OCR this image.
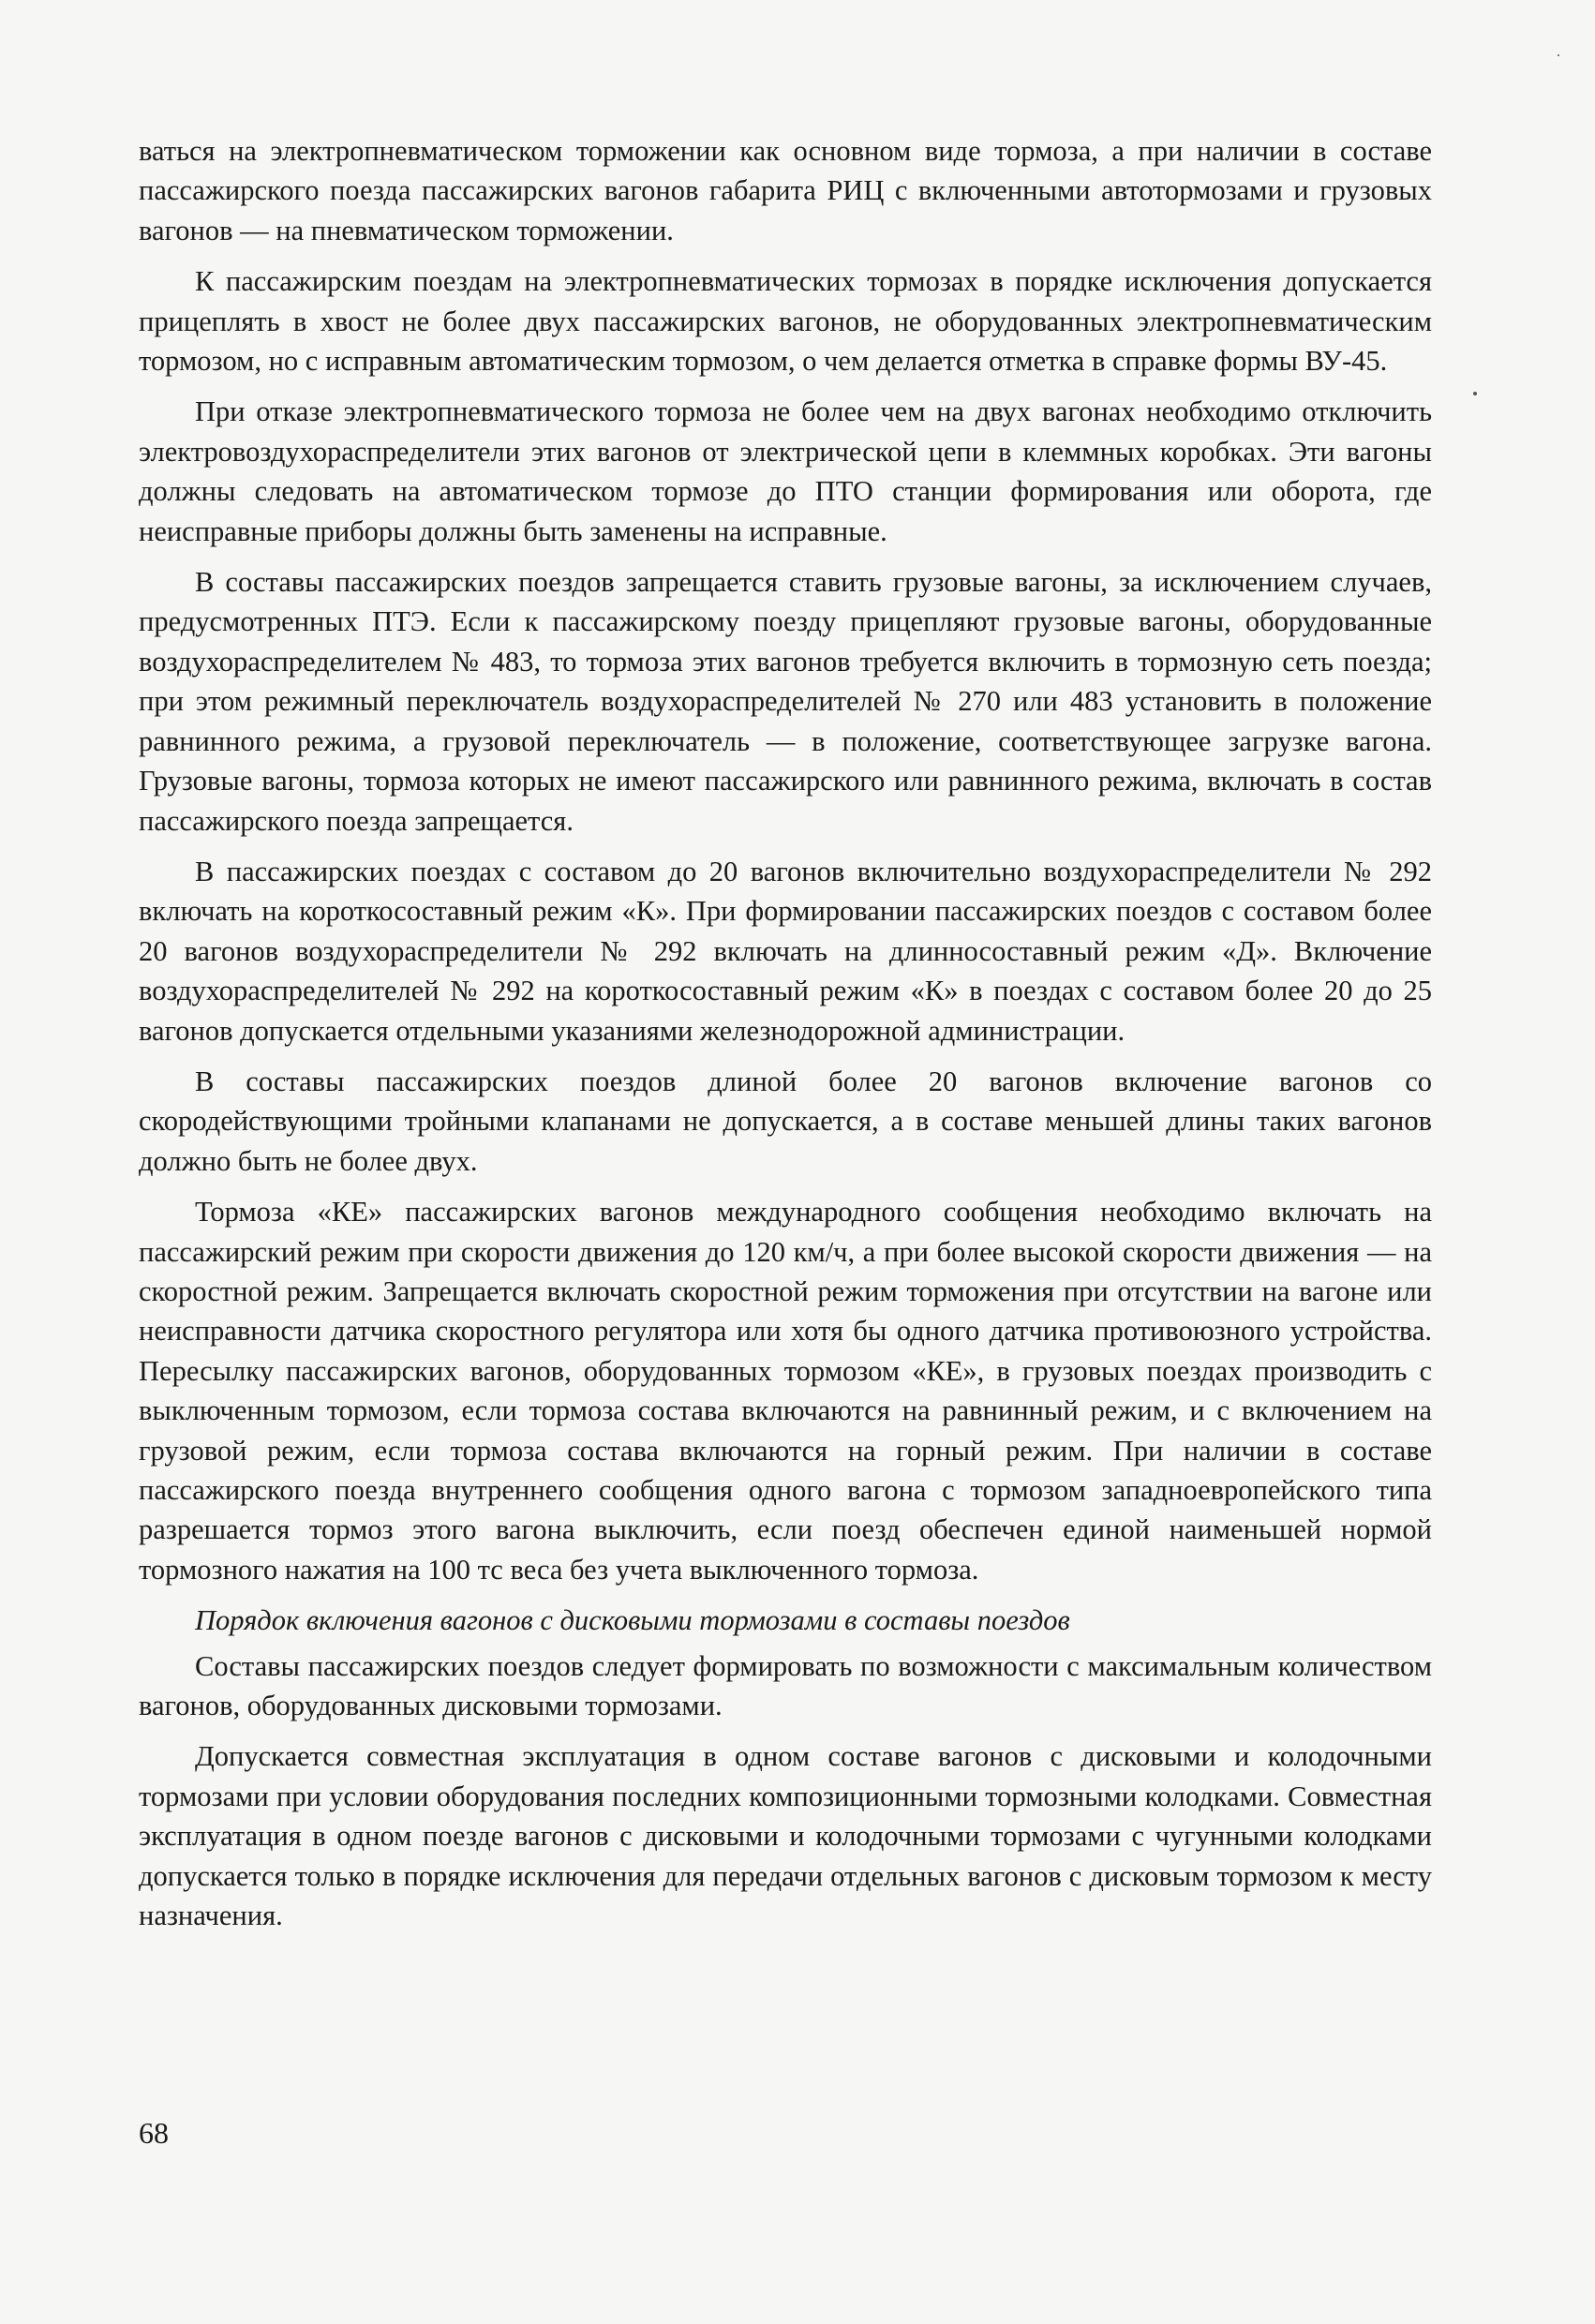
ваться на электропневматическом торможении как основном виде тормоза, а при наличии в составе пассажирского поезда пассажирских вагонов габарита РИЦ с включенными автотормозами и грузовых вагонов — на пневматическом торможении.

К пассажирским поездам на электропневматических тормозах в порядке исключения допускается прицеплять в хвост не более двух пассажирских вагонов, не оборудованных электропневматическим тормозом, но с исправным автоматическим тормозом, о чем делается отметка в справке формы ВУ-45.

При отказе электропневматического тормоза не более чем на двух вагонах необходимо отключить электровоздухораспределители этих вагонов от электрической цепи в клеммных коробках. Эти вагоны должны следовать на автоматическом тормозе до ПТО станции формирования или оборота, где неисправные приборы должны быть заменены на исправные.

В составы пассажирских поездов запрещается ставить грузовые вагоны, за исключением случаев, предусмотренных ПТЭ. Если к пассажирскому поезду прицепляют грузовые вагоны, оборудованные воздухораспределителем № 483, то тормоза этих вагонов требуется включить в тормозную сеть поезда; при этом режимный переключатель воздухораспределителей № 270 или 483 установить в положение равнинного режима, а грузовой переключатель — в положение, соответствующее загрузке вагона. Грузовые вагоны, тормоза которых не имеют пассажирского или равнинного режима, включать в состав пассажирского поезда запрещается.

В пассажирских поездах с составом до 20 вагонов включительно воздухораспределители № 292 включать на короткосоставный режим «К». При формировании пассажирских поездов с составом более 20 вагонов воздухораспределители № 292 включать на длинносоставный режим «Д». Включение воздухораспределителей № 292 на короткосоставный режим «К» в поездах с составом более 20 до 25 вагонов допускается отдельными указаниями железнодорожной администрации.

В составы пассажирских поездов длиной более 20 вагонов включение вагонов со скородействующими тройными клапанами не допускается, а в составе меньшей длины таких вагонов должно быть не более двух.

Тормоза «КЕ» пассажирских вагонов международного сообщения необходимо включать на пассажирский режим при скорости движения до 120 км/ч, а при более высокой скорости движения — на скоростной режим. Запрещается включать скоростной режим торможения при отсутствии на вагоне или неисправности датчика скоростного регулятора или хотя бы одного датчика противоюзного устройства. Пересылку пассажирских вагонов, оборудованных тормозом «КЕ», в грузовых поездах производить с выключенным тормозом, если тормоза состава включаются на равнинный режим, и с включением на грузовой режим, если тормоза состава включаются на горный режим. При наличии в составе пассажирского поезда внутреннего сообщения одного вагона с тормозом западноевропейского типа разрешается тормоз этого вагона выключить, если поезд обеспечен единой наименьшей нормой тормозного нажатия на 100 тс веса без учета выключенного тормоза.

Порядок включения вагонов с дисковыми тормозами в составы поездов

Составы пассажирских поездов следует формировать по возможности с максимальным количеством вагонов, оборудованных дисковыми тормозами.

Допускается совместная эксплуатация в одном составе вагонов с дисковыми и колодочными тормозами при условии оборудования последних композиционными тормозными колодками. Совместная эксплуатация в одном поезде вагонов с дисковыми и колодочными тормозами с чугунными колодками допускается только в порядке исключения для передачи отдельных вагонов с дисковым тормозом к месту назначения.

68
